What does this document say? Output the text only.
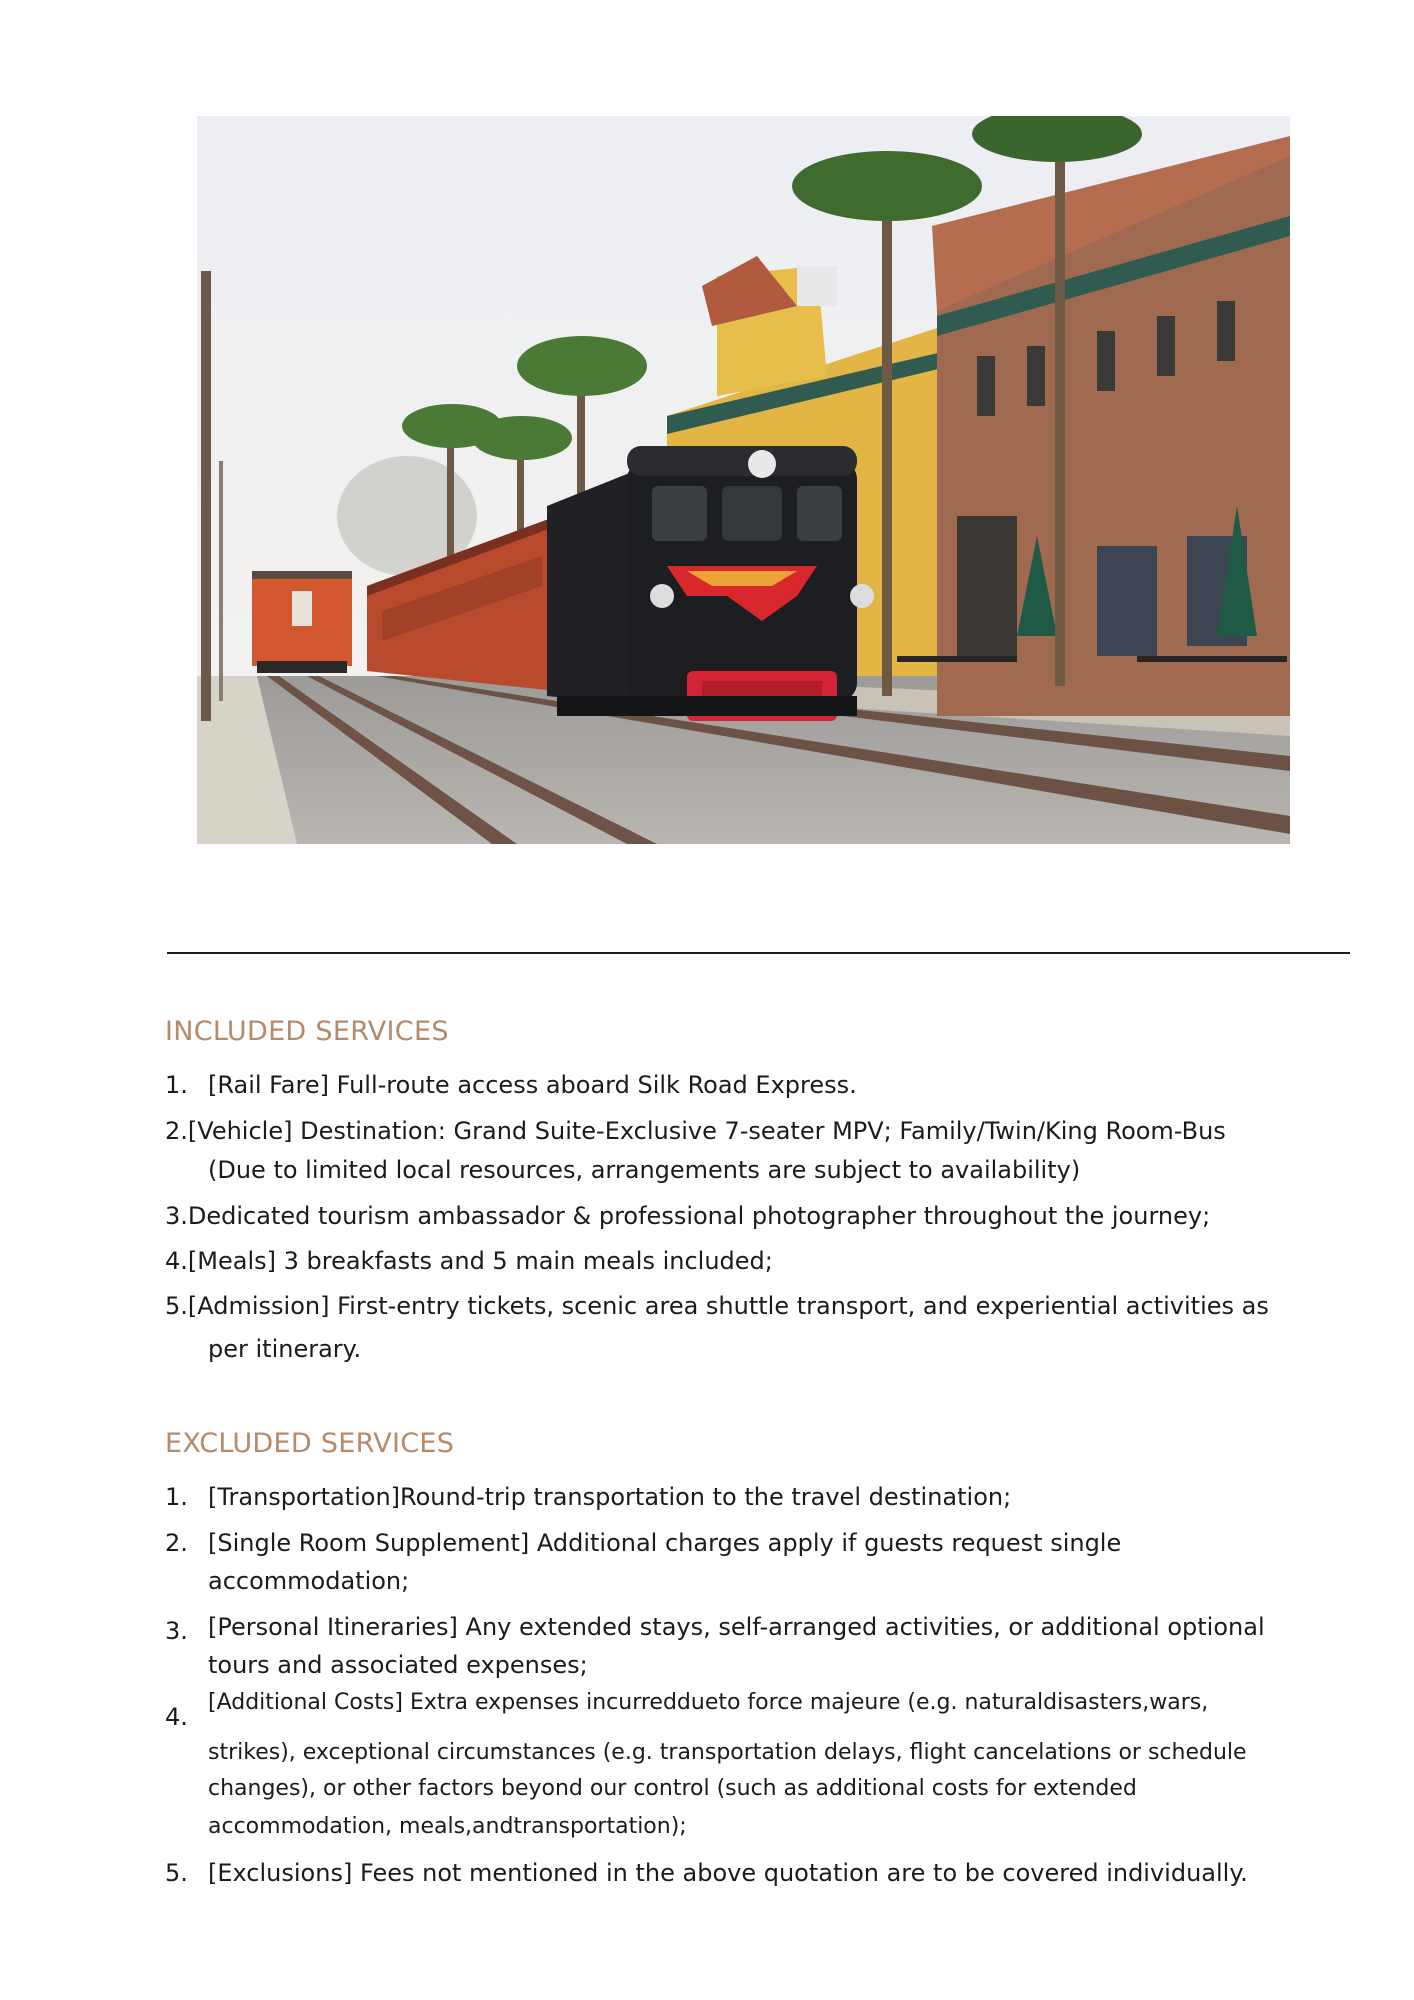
INCLUDED SERVICES
1. [Rail Fare] Full-route access aboard Silk Road Express.
2.[Vehicle] Destination: Grand Suite-Exclusive 7-seater MPV; Family/Twin/King Room-Bus
(Due to limited local resources, arrangements are subject to availability)
3.Dedicated tourism ambassador & professional photographer throughout the journey;
4.[Meals] 3 breakfasts and 5 main meals included;
5.[Admission] First-entry tickets, scenic area shuttle transport, and experiential activities as
per itinerary.
EXCLUDED SERVICES
1. [Transportation]Round-trip transportation to the travel destination;
2. [Single Room Supplement] Additional charges apply if guests request single
accommodation;
3. [Personal Itineraries] Any extended stays, self-arranged activities, or additional optional
tours and associated expenses;
4.
[Additional Costs] Extra expenses incurreddueto force majeure (e.g. naturaldisasters,wars,
strikes), exceptional circumstances (e.g. transportation delays, flight cancelations or schedule
changes), or other factors beyond our control (such as additional costs for extended
accommodation, meals,andtransportation);
5. [Exclusions] Fees not mentioned in the above quotation are to be covered individually.
